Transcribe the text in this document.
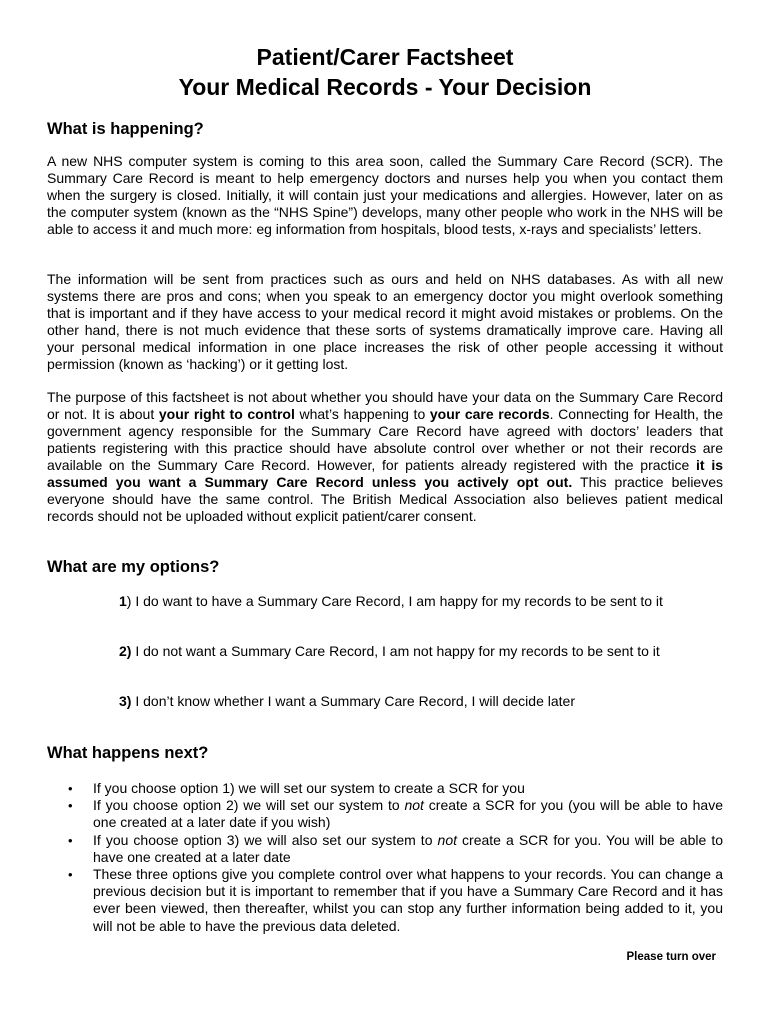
Patient/Carer Factsheet
Your Medical Records - Your Decision
What is happening?

A new NHS computer system is coming to this area soon, called the Summary Care Record (SCR). The Summary Care Record is meant to help emergency doctors and nurses help you when you contact them when the surgery is closed. Initially, it will contain just your medications and allergies. However, later on as the computer system (known as the “NHS Spine”) develops, many other people who work in the NHS will be able to access it and much more: eg information from hospitals, blood tests, x-rays and specialists’ letters.

The information will be sent from practices such as ours and held on NHS databases. As with all new systems there are pros and cons; when you speak to an emergency doctor you might overlook something that is important and if they have access to your medical record it might avoid mistakes or problems. On the other hand, there is not much evidence that these sorts of systems dramatically improve care. Having all your personal medical information in one place increases the risk of other people accessing it without permission (known as ‘hacking’) or it getting lost.

The purpose of this factsheet is not about whether you should have your data on the Summary Care Record or not. It is about your right to control what’s happening to your care records. Connecting for Health, the government agency responsible for the Summary Care Record have agreed with doctors’ leaders that patients registering with this practice should have absolute control over whether or not their records are available on the Summary Care Record. However, for patients already registered with the practice it is assumed you want a Summary Care Record unless you actively opt out. This practice believes everyone should have the same control. The British Medical Association also believes patient medical records should not be uploaded without explicit patient/carer consent.

What are my options?

1) I do want to have a Summary Care Record, I am happy for my records to be sent to it

2) I do not want a Summary Care Record, I am not happy for my records to be sent to it

3) I don’t know whether I want a Summary Care Record, I will decide later

What happens next?
• If you choose option 1) we will set our system to create a SCR for you
• If you choose option 2) we will set our system to not create a SCR for you (you will be able to have one created at a later date if you wish)
• If you choose option 3) we will also set our system to not create a SCR for you. You will be able to have one created at a later date
• These three options give you complete control over what happens to your records. You can change a previous decision but it is important to remember that if you have a Summary Care Record and it has ever been viewed, then thereafter, whilst you can stop any further information being added to it, you will not be able to have the previous data deleted.

Please turn over
